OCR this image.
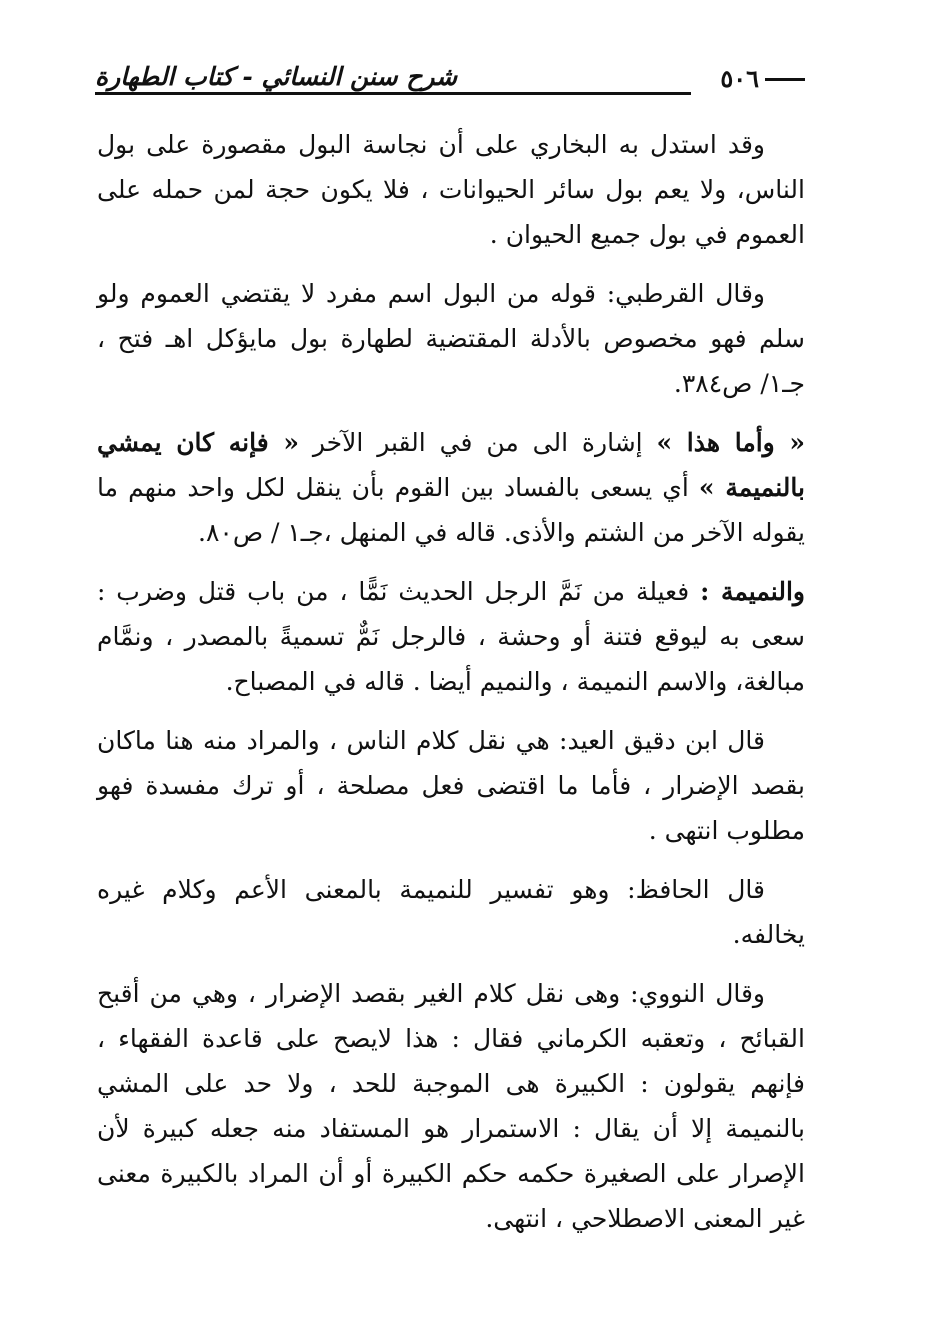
شرح سنن النسائي - كتاب الطهارة	٥٠٦

وقد استدل به البخاري على أن نجاسة البول مقصورة على بول الناس، ولا يعم بول سائر الحيوانات ، فلا يكون حجة لمن حمله على العموم في بول جميع الحيوان .

وقال القرطبي: قوله من البول اسم مفرد لا يقتضي العموم ولو سلم فهو مخصوص بالأدلة المقتضية لطهارة بول مايؤكل اهـ فتح ، جـ١/ ص٣٨٤.

« وأما هذا » إشارة الى من في القبر الآخر « فإنه كان يمشي بالنميمة » أي يسعى بالفساد بين القوم بأن ينقل لكل واحد منهم ما يقوله الآخر من الشتم والأذى. قاله في المنهل ،جـ١ / ص٨٠.

والنميمة : فعيلة من نَمَّ الرجل الحديث نَمًّا ، من باب قتل وضرب : سعى به ليوقع فتنة أو وحشة ، فالرجل نَمٌّ تسميةً بالمصدر ، ونمَّام مبالغة، والاسم النميمة ، والنميم أيضا . قاله في المصباح.

قال ابن دقيق العيد: هي نقل كلام الناس ، والمراد منه هنا ماكان بقصد الإضرار ، فأما ما اقتضى فعل مصلحة ، أو ترك مفسدة فهو مطلوب انتهى .

قال الحافظ: وهو تفسير للنميمة بالمعنى الأعم وكلام غيره يخالفه.

وقال النووي: وهى نقل كلام الغير بقصد الإضرار ، وهي من أقبح القبائح ، وتعقبه الكرماني فقال : هذا لايصح على قاعدة الفقهاء ، فإنهم يقولون : الكبيرة هى الموجبة للحد ، ولا حد على المشي بالنميمة إلا أن يقال : الاستمرار هو المستفاد منه جعله كبيرة لأن الإصرار على الصغيرة حكمه حكم الكبيرة أو أن المراد بالكبيرة معنى غير المعنى الاصطلاحي ، انتهى.
